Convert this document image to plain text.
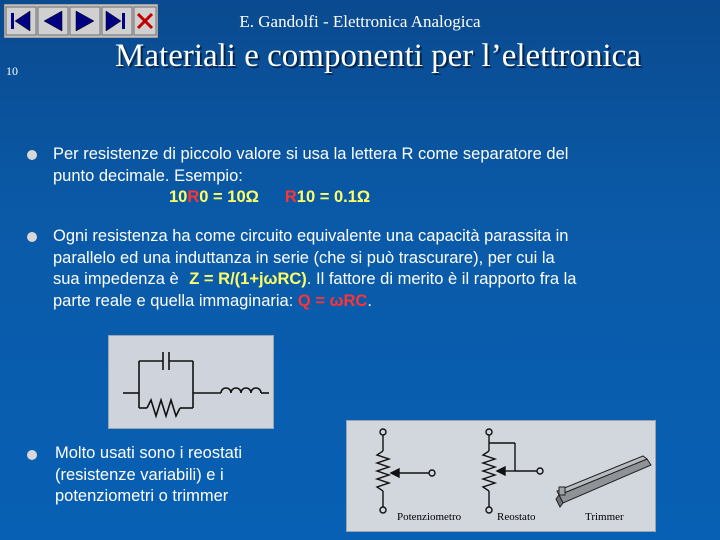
E. Gandolfi - Elettronica Analogica
10	Materiali e componenti per l’elettronica
Per resistenze di piccolo valore si usa la lettera R come separatore del
punto decimale. Esempio:
10R0 = 10Ω R10 = 0.1Ω
Ogni resistenza ha come circuito equivalente una capacità parassita in
parallelo ed una induttanza in serie (che si può trascurare), per cui la
sua impedenza è Z = R/(1+jωRC). Il fattore di merito è il rapporto fra la
parte reale e quella immaginaria: Q = ωRC.
Molto usati sono i reostati
(resistenze variabili) e i
potenziometri o trimmer
Potenziometro	Reostato	Trimmer
